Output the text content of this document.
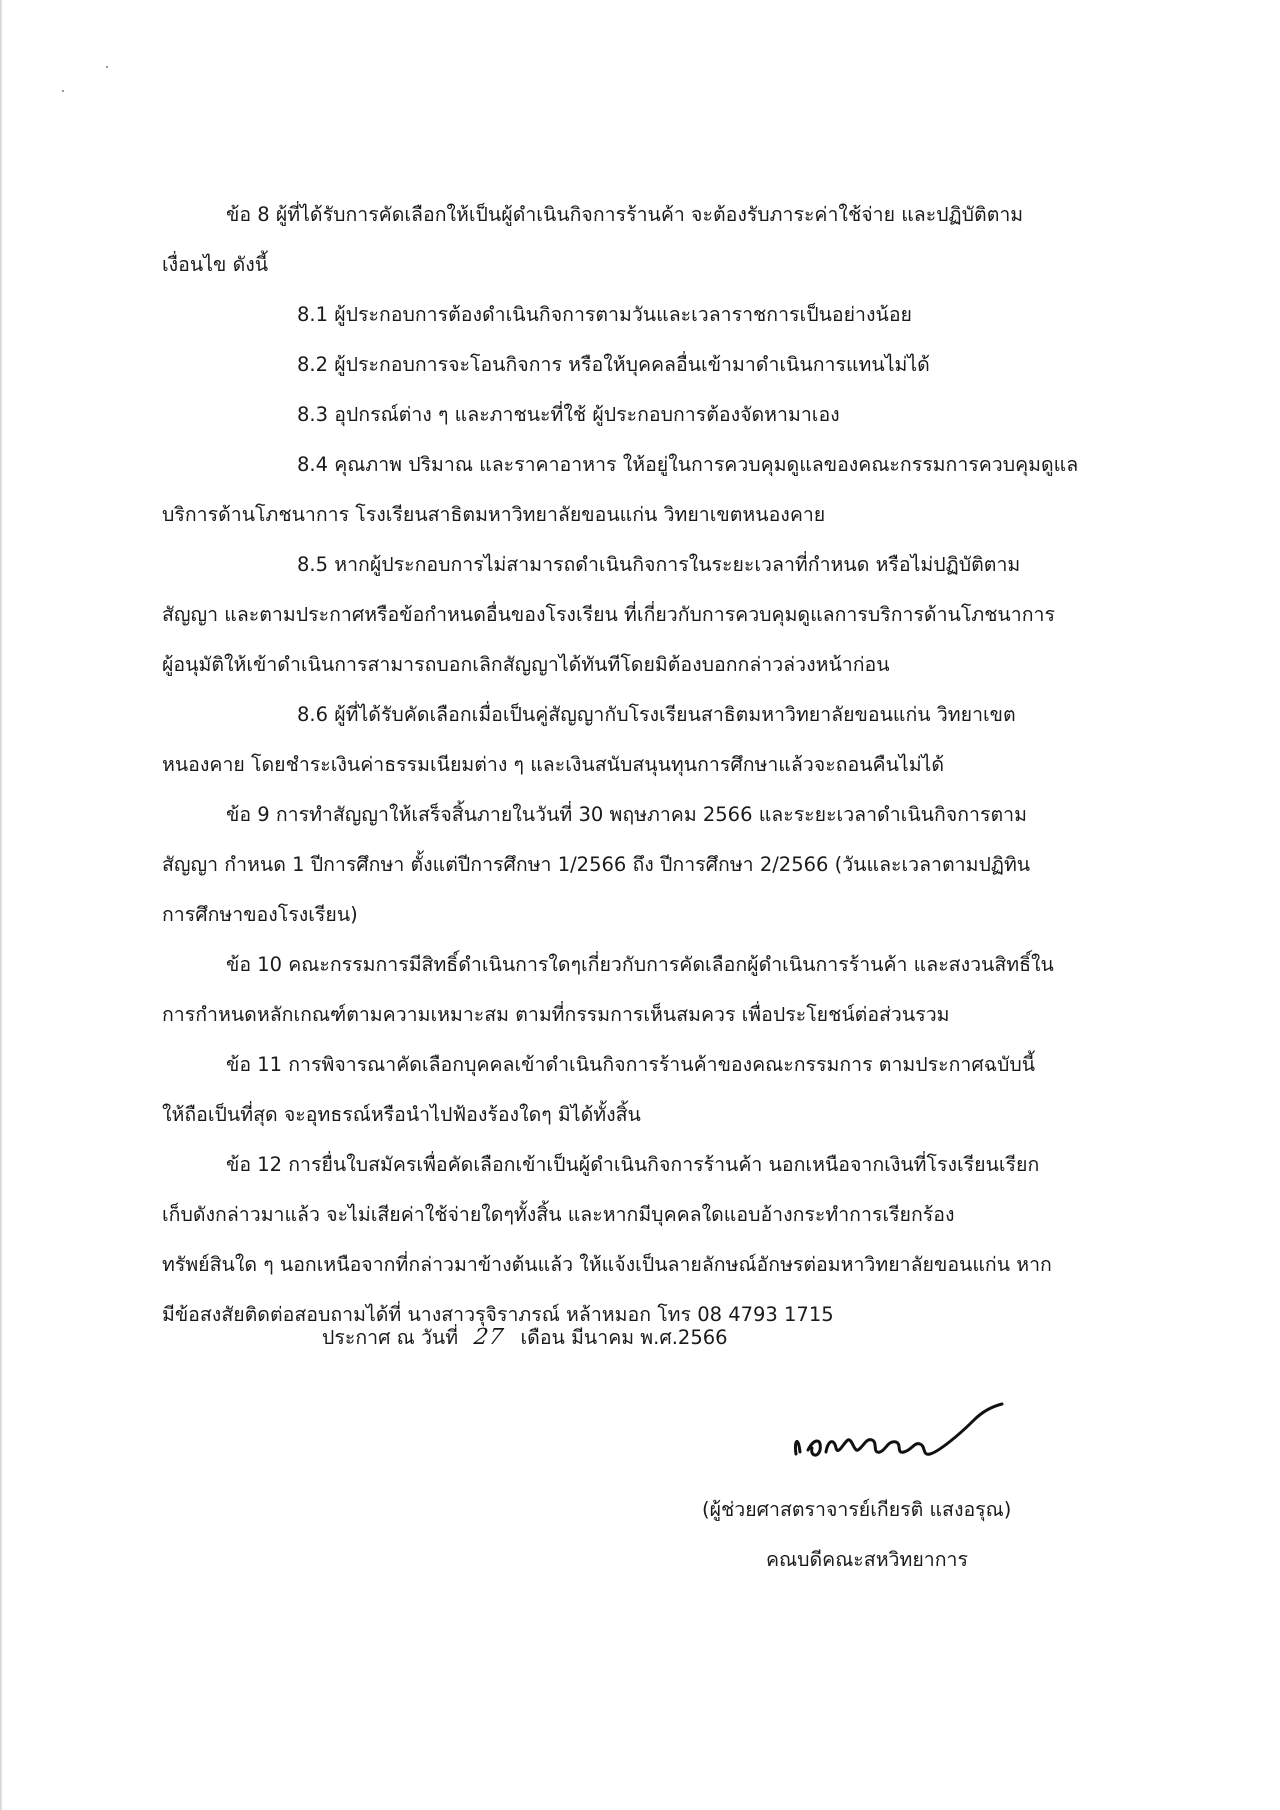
ข้อ 8 ผู้ที่ได้รับการคัดเลือกให้เป็นผู้ดำเนินกิจการร้านค้า จะต้องรับภาระค่าใช้จ่าย และปฏิบัติตาม
เงื่อนไข ดังนี้
8.1 ผู้ประกอบการต้องดำเนินกิจการตามวันและเวลาราชการเป็นอย่างน้อย
8.2 ผู้ประกอบการจะโอนกิจการ หรือให้บุคคลอื่นเข้ามาดำเนินการแทนไม่ได้
8.3 อุปกรณ์ต่าง ๆ และภาชนะที่ใช้ ผู้ประกอบการต้องจัดหามาเอง
8.4 คุณภาพ ปริมาณ และราคาอาหาร ให้อยู่ในการควบคุมดูแลของคณะกรรมการควบคุมดูแล
บริการด้านโภชนาการ โรงเรียนสาธิตมหาวิทยาลัยขอนแก่น วิทยาเขตหนองคาย
8.5 หากผู้ประกอบการไม่สามารถดำเนินกิจการในระยะเวลาที่กำหนด หรือไม่ปฏิบัติตาม
สัญญา และตามประกาศหรือข้อกำหนดอื่นของโรงเรียน ที่เกี่ยวกับการควบคุมดูแลการบริการด้านโภชนาการ
ผู้อนุมัติให้เข้าดำเนินการสามารถบอกเลิกสัญญาได้ทันทีโดยมิต้องบอกกล่าวล่วงหน้าก่อน
8.6 ผู้ที่ได้รับคัดเลือกเมื่อเป็นคู่สัญญากับโรงเรียนสาธิตมหาวิทยาลัยขอนแก่น วิทยาเขต
หนองคาย โดยชำระเงินค่าธรรมเนียมต่าง ๆ และเงินสนับสนุนทุนการศึกษาแล้วจะถอนคืนไม่ได้
ข้อ 9 การทำสัญญาให้เสร็จสิ้นภายในวันที่ 30 พฤษภาคม 2566 และระยะเวลาดำเนินกิจการตาม
สัญญา กำหนด 1 ปีการศึกษา ตั้งแต่ปีการศึกษา 1/2566 ถึง ปีการศึกษา 2/2566 (วันและเวลาตามปฏิทิน
การศึกษาของโรงเรียน)
ข้อ 10 คณะกรรมการมีสิทธิ์ดำเนินการใดๆเกี่ยวกับการคัดเลือกผู้ดำเนินการร้านค้า และสงวนสิทธิ์ใน
การกำหนดหลักเกณฑ์ตามความเหมาะสม ตามที่กรรมการเห็นสมควร เพื่อประโยชน์ต่อส่วนรวม
ข้อ 11 การพิจารณาคัดเลือกบุคคลเข้าดำเนินกิจการร้านค้าของคณะกรรมการ ตามประกาศฉบับนี้
ให้ถือเป็นที่สุด จะอุทธรณ์หรือนำไปฟ้องร้องใดๆ มิได้ทั้งสิ้น
ข้อ 12 การยื่นใบสมัครเพื่อคัดเลือกเข้าเป็นผู้ดำเนินกิจการร้านค้า นอกเหนือจากเงินที่โรงเรียนเรียก
เก็บดังกล่าวมาแล้ว จะไม่เสียค่าใช้จ่ายใดๆทั้งสิ้น และหากมีบุคคลใดแอบอ้างกระทำการเรียกร้อง
ทรัพย์สินใด ๆ นอกเหนือจากที่กล่าวมาข้างต้นแล้ว ให้แจ้งเป็นลายลักษณ์อักษรต่อมหาวิทยาลัยขอนแก่น หาก
มีข้อสงสัยติดต่อสอบถามได้ที่ นางสาวรุจิราภรณ์ หล้าหมอก โทร 08 4793 1715
ประกาศ ณ วันที่ 27 เดือน มีนาคม พ.ศ.2566
(ผู้ช่วยศาสตราจารย์เกียรติ แสงอรุณ)
คณบดีคณะสหวิทยาการ
